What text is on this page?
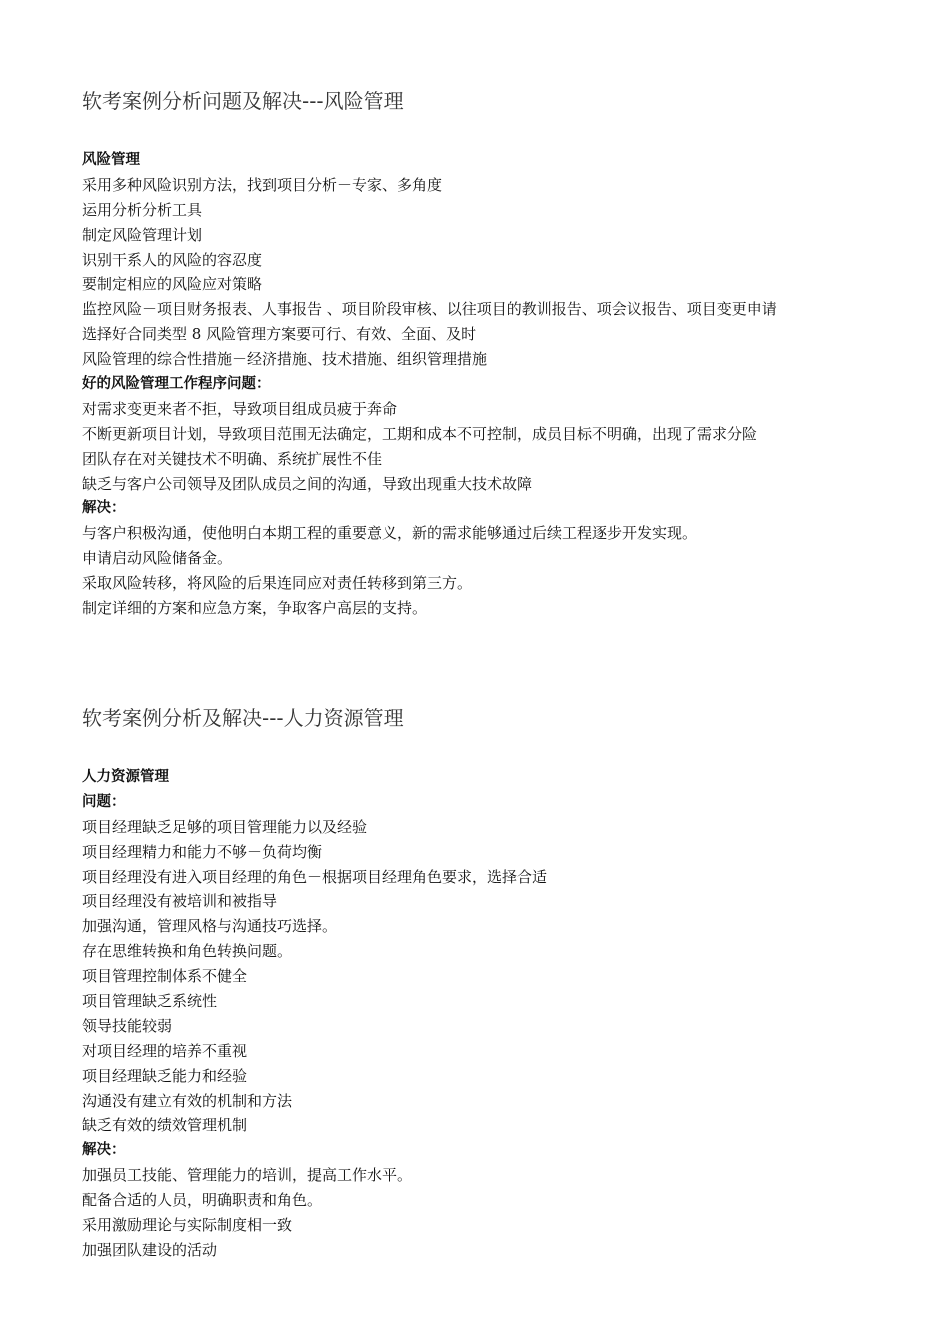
软考案例分析问题及解决---风险管理
风险管理
采用多种风险识别方法，找到项目分析－专家、多角度
运用分析分析工具
制定风险管理计划
识别干系人的风险的容忍度
要制定相应的风险应对策略
监控风险－项目财务报表、人事报告 、项目阶段审核、以往项目的教训报告、项会议报告、项目变更申请
选择好合同类型 8 风险管理方案要可行、有效、全面、及时
风险管理的综合性措施－经济措施、技术措施、组织管理措施
好的风险管理工作程序问题：
对需求变更来者不拒，导致项目组成员疲于奔命
不断更新项目计划，导致项目范围无法确定，工期和成本不可控制，成员目标不明确，出现了需求分险
团队存在对关键技术不明确、系统扩展性不佳
缺乏与客户公司领导及团队成员之间的沟通，导致出现重大技术故障
解决：
与客户积极沟通，使他明白本期工程的重要意义，新的需求能够通过后续工程逐步开发实现。
申请启动风险储备金。
采取风险转移，将风险的后果连同应对责任转移到第三方。
制定详细的方案和应急方案，争取客户高层的支持。
软考案例分析及解决---人力资源管理
人力资源管理
问题：
项目经理缺乏足够的项目管理能力以及经验
项目经理精力和能力不够－负荷均衡
项目经理没有进入项目经理的角色－根据项目经理角色要求，选择合适
项目经理没有被培训和被指导
加强沟通，管理风格与沟通技巧选择。
存在思维转换和角色转换问题。
项目管理控制体系不健全
项目管理缺乏系统性
领导技能较弱
对项目经理的培养不重视
项目经理缺乏能力和经验
沟通没有建立有效的机制和方法
缺乏有效的绩效管理机制
解决：
加强员工技能、管理能力的培训，提高工作水平。
配备合适的人员，明确职责和角色。
采用激励理论与实际制度相一致
加强团队建设的活动
